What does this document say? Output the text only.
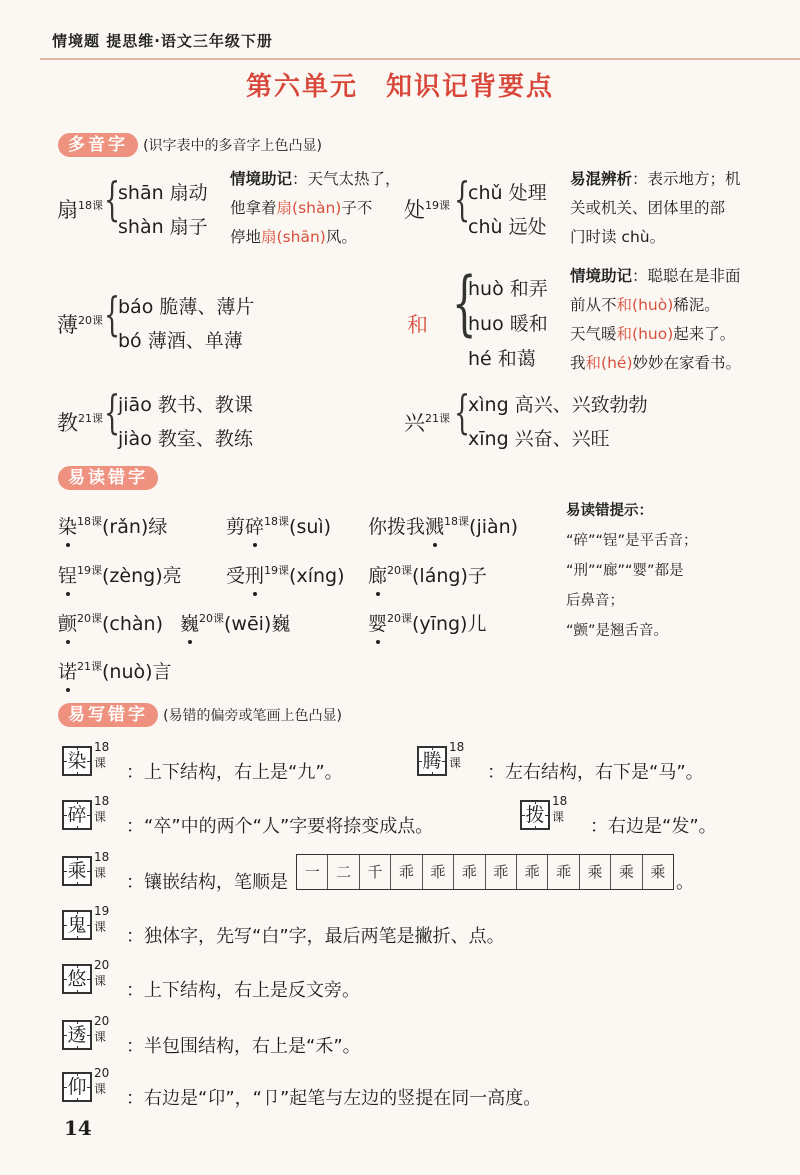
情境题 提思维·语文三年级下册
第六单元　知识记背要点
多音字 (识字表中的多音字上色凸显)
扇$^{18课}$ {
shān 扇动
shàn 扇子
情境助记：天气太热了，
他拿着扇(shàn)子不
停地扇(shān)风。
处$^{19课}$ {
chǔ 处理
chù 远处
易混辨析：表示地方；机
关或机关、团体里的部
门时读 chù。
薄$^{20课}$ {
báo 脆薄、薄片
bó 薄酒、单薄
和 {
huò 和弄
huo 暖和
hé 和蔼
情境助记：聪聪在是非面
前从不和(huò)稀泥。
天气暖和(huo)起来了。
我和(hé)妙妙在家看书。
教$^{21课}$ {
jiāo 教书、教课
jiào 教室、教练
兴$^{21课}$ {
xìng 高兴、兴致勃勃
xīng 兴奋、兴旺
易读错字
染$^{18课}$(rǎn)绿	剪碎$^{18课}$(suì) 你拨我溅$^{18课}$(jiàn)
锃$^{19课}$(zèng)亮 受刑$^{19课}$(xíng) 廊$^{20课}$(láng)子
颤$^{20课}$(chàn) 巍$^{20课}$(wēi)巍	婴$^{20课}$(yīng)儿
诺$^{21课}$(nuò)言
易读错提示：
“碎”“锃”是平舌音；
“刑”“廊”“婴”都是
后鼻音；
“颤”是翘舌音。
易写错字 (易错的偏旁或笔画上色凸显)
染
18课 ：上下结构，右上是“九”。
腾
18课 ：左右结构，右下是“马”。
碎
18课 ：“卒”中的两个“人”字要将捺变成点。
拨
18课 ：右边是“发”。
乘
18课 ：镶嵌结构，笔顺是	。
一	二	千	乖	乖	乖	乖	乖	乖	乘	乘	乘
鬼
19课 ：独体字，先写“白”字，最后两笔是撇折、点。
悠
20课 ：上下结构，右上是反文旁。
透
20课 ：半包围结构，右上是“禾”。
仰
20课 ：右边是“卬”，“卩”起笔与左边的竖提在同一高度。
14
